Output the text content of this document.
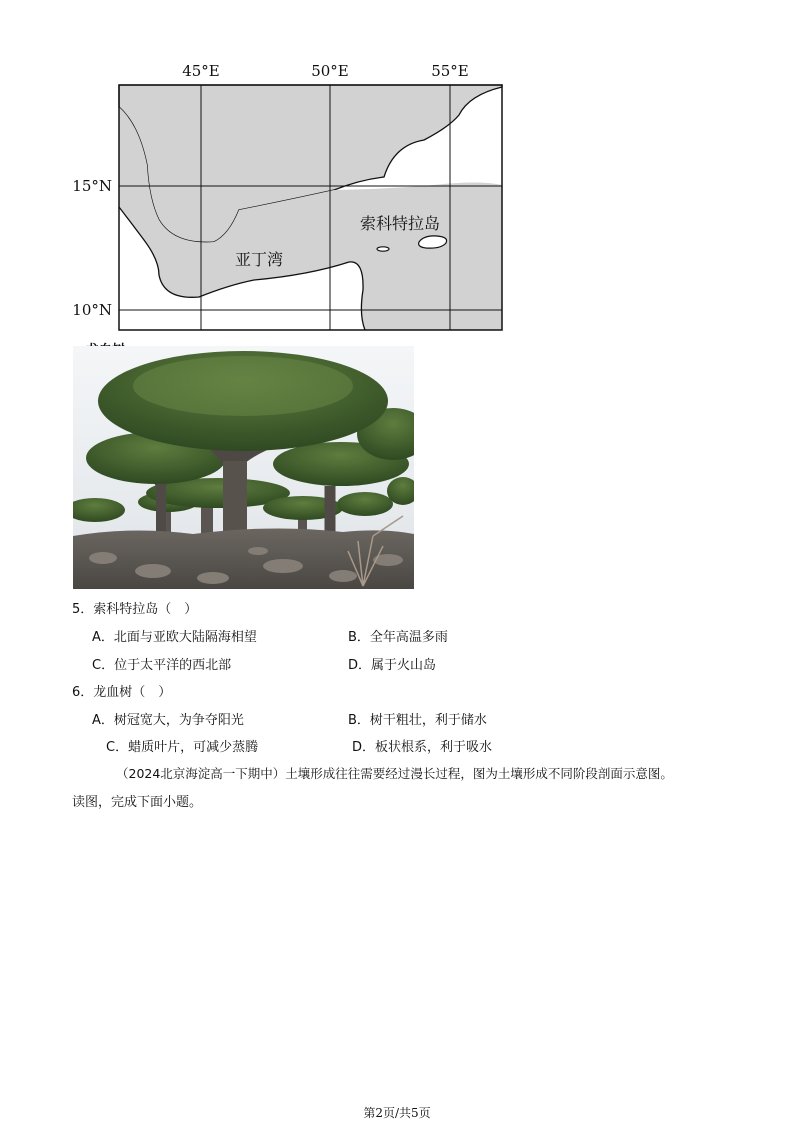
45°E	50°E	55°E
15°N
10°N
索科特拉岛
亚丁湾
5．索科特拉岛（　）
A．北面与亚欧大陆隔海相望	B．全年高温多雨
C．位于太平洋的西北部	D．属于火山岛
6．龙血树（　）
A．树冠宽大，为争夺阳光	B．树干粗壮，利于储水
C．蜡质叶片，可减少蒸腾	D．板状根系，利于吸水
（2024北京海淀高一下期中）土壤形成往往需要经过漫长过程，图为土壤形成不同阶段剖面示意图。
读图，完成下面小题。
第2页/共5页
